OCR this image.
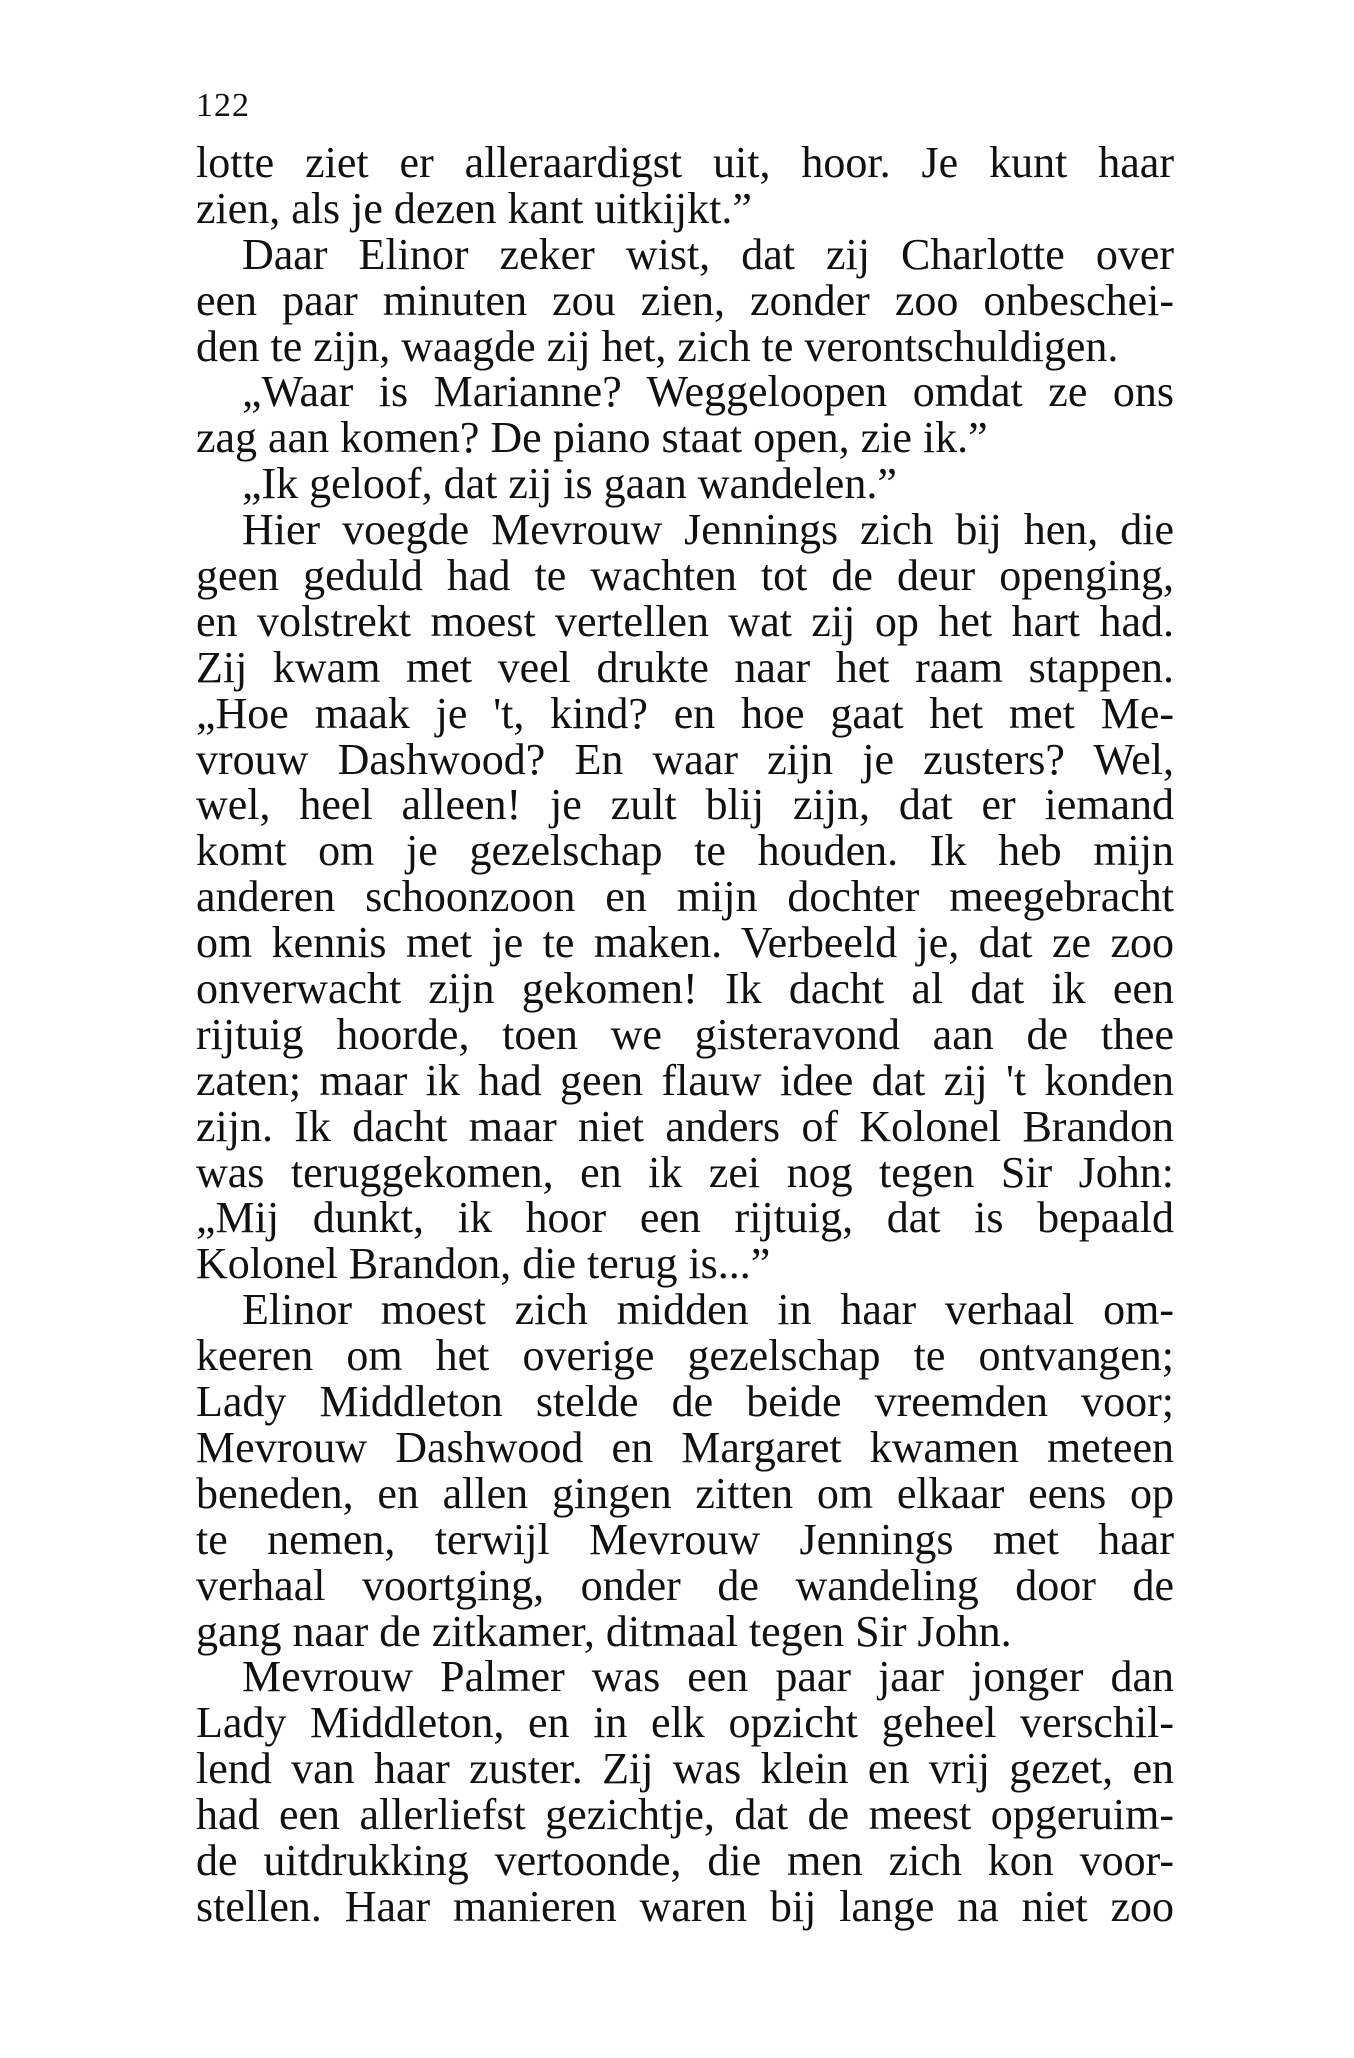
122
lotte ziet er alleraardigst uit, hoor. Je kunt haar
zien, als je dezen kant uitkijkt.”
Daar Elinor zeker wist, dat zij Charlotte over
een paar minuten zou zien, zonder zoo onbeschei-
den te zijn, waagde zij het, zich te verontschuldigen.
„Waar is Marianne? Weggeloopen omdat ze ons
zag aan komen? De piano staat open, zie ik.”
„Ik geloof, dat zij is gaan wandelen.”
Hier voegde Mevrouw Jennings zich bij hen, die
geen geduld had te wachten tot de deur openging,
en volstrekt moest vertellen wat zij op het hart had.
Zij kwam met veel drukte naar het raam stappen.
„Hoe maak je 't, kind? en hoe gaat het met Me-
vrouw Dashwood? En waar zijn je zusters? Wel,
wel, heel alleen! je zult blij zijn, dat er iemand
komt om je gezelschap te houden. Ik heb mijn
anderen schoonzoon en mijn dochter meegebracht
om kennis met je te maken. Verbeeld je, dat ze zoo
onverwacht zijn gekomen! Ik dacht al dat ik een
rijtuig hoorde, toen we gisteravond aan de thee
zaten; maar ik had geen flauw idee dat zij 't konden
zijn. Ik dacht maar niet anders of Kolonel Brandon
was teruggekomen, en ik zei nog tegen Sir John:
„Mij dunkt, ik hoor een rijtuig, dat is bepaald
Kolonel Brandon, die terug is...”
Elinor moest zich midden in haar verhaal om-
keeren om het overige gezelschap te ontvangen;
Lady Middleton stelde de beide vreemden voor;
Mevrouw Dashwood en Margaret kwamen meteen
beneden, en allen gingen zitten om elkaar eens op
te nemen, terwijl Mevrouw Jennings met haar
verhaal voortging, onder de wandeling door de
gang naar de zitkamer, ditmaal tegen Sir John.
Mevrouw Palmer was een paar jaar jonger dan
Lady Middleton, en in elk opzicht geheel verschil-
lend van haar zuster. Zij was klein en vrij gezet, en
had een allerliefst gezichtje, dat de meest opgeruim-
de uitdrukking vertoonde, die men zich kon voor-
stellen. Haar manieren waren bij lange na niet zoo
